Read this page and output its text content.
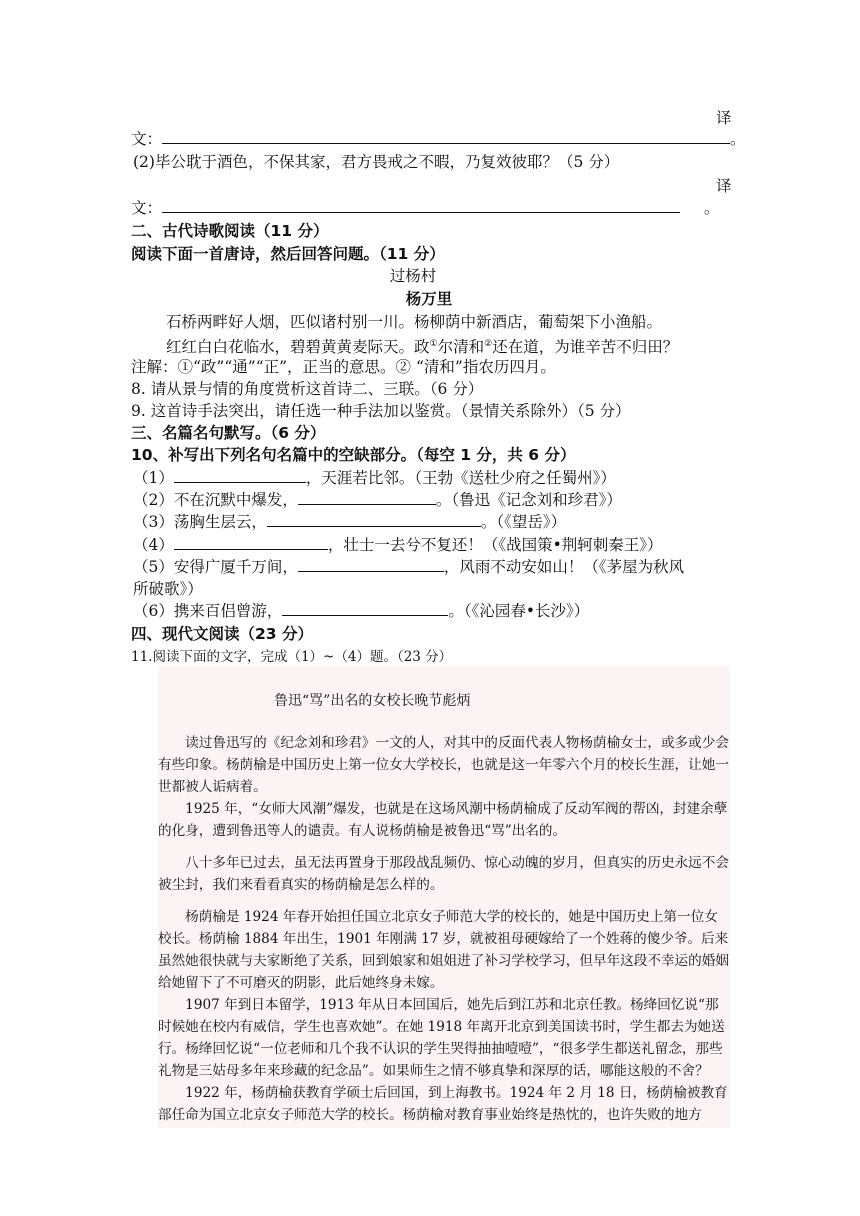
译
文：	。
(2)毕公耽于酒色，不保其家，君方畏戒之不暇，乃复效彼耶？（5 分）
译
文：	。
二、古代诗歌阅读（11 分）
阅读下面一首唐诗，然后回答问题。（11 分）
过杨村
杨万里
石桥两畔好人烟，匹似诸村别一川。杨柳荫中新酒店，葡萄架下小渔船。
红红白白花临水，碧碧黄黄麦际天。政①尔清和②还在道，为谁辛苦不归田？
注解：①“政”“通”“正”，正当的意思。② “清和”指农历四月。
8. 请从景与情的角度赏析这首诗二、三联。（6 分）
9. 这首诗手法突出，请任选一种手法加以鉴赏。（景情关系除外）（5 分）
三、名篇名句默写。（6 分）
10、补写出下列名句名篇中的空缺部分。（每空 1 分，共 6 分）
（1）	，天涯若比邻。（王勃《送杜少府之任蜀州》）
（2）不在沉默中爆发，	。（鲁迅《记念刘和珍君》）
（3）荡胸生层云，	。（《望岳》）
（4）	，壮士一去兮不复还！（《战国策•荆轲刺秦王》）
（5）安得广厦千万间，	，风雨不动安如山！（《茅屋为秋风
所破歌》）
（6）携来百侣曾游，	。（《沁园春•长沙》）
四、现代文阅读（23 分）
11.阅读下面的文字，完成（1）~（4）题。（23 分）
鲁迅“骂”出名的女校长晚节彪炳
　　读过鲁迅写的《纪念刘和珍君》一文的人，对其中的反面代表人物杨荫榆女士，或多或少会有些印象。杨荫榆是中国历史上第一位女大学校长，也就是这一年零六个月的校长生涯，让她一世都被人诟病着。
　　1925 年，“女师大风潮”爆发，也就是在这场风潮中杨荫榆成了反动军阀的帮凶，封建余孽的化身，遭到鲁迅等人的谴责。有人说杨荫榆是被鲁迅“骂”出名的。
　　八十多年已过去，虽无法再置身于那段战乱频仍、惊心动魄的岁月，但真实的历史永远不会被尘封，我们来看看真实的杨荫榆是怎么样的。
　　杨荫榆是 1924 年春开始担任国立北京女子师范大学的校长的，她是中国历史上第一位女校长。杨荫榆 1884 年出生，1901 年刚满 17 岁，就被祖母硬嫁给了一个姓蒋的傻少爷。后来虽然她很快就与夫家断绝了关系，回到娘家和姐姐进了补习学校学习，但早年这段不幸运的婚姻给她留下了不可磨灭的阴影，此后她终身未嫁。
　　1907 年到日本留学，1913 年从日本回国后，她先后到江苏和北京任教。杨绛回忆说“那时候她在校内有威信，学生也喜欢她”。在她 1918 年离开北京到美国读书时，学生都去为她送行。杨绛回忆说“一位老师和几个我不认识的学生哭得抽抽噎噎”，“很多学生都送礼留念，那些礼物是三姑母多年来珍藏的纪念品”。如果师生之情不够真挚和深厚的话，哪能这般的不舍？
　　1922 年，杨荫榆获教育学硕士后回国，到上海教书。1924 年 2 月 18 日，杨荫榆被教育部任命为国立北京女子师范大学的校长。杨荫榆对教育事业始终是热忱的，也许失败的地方
